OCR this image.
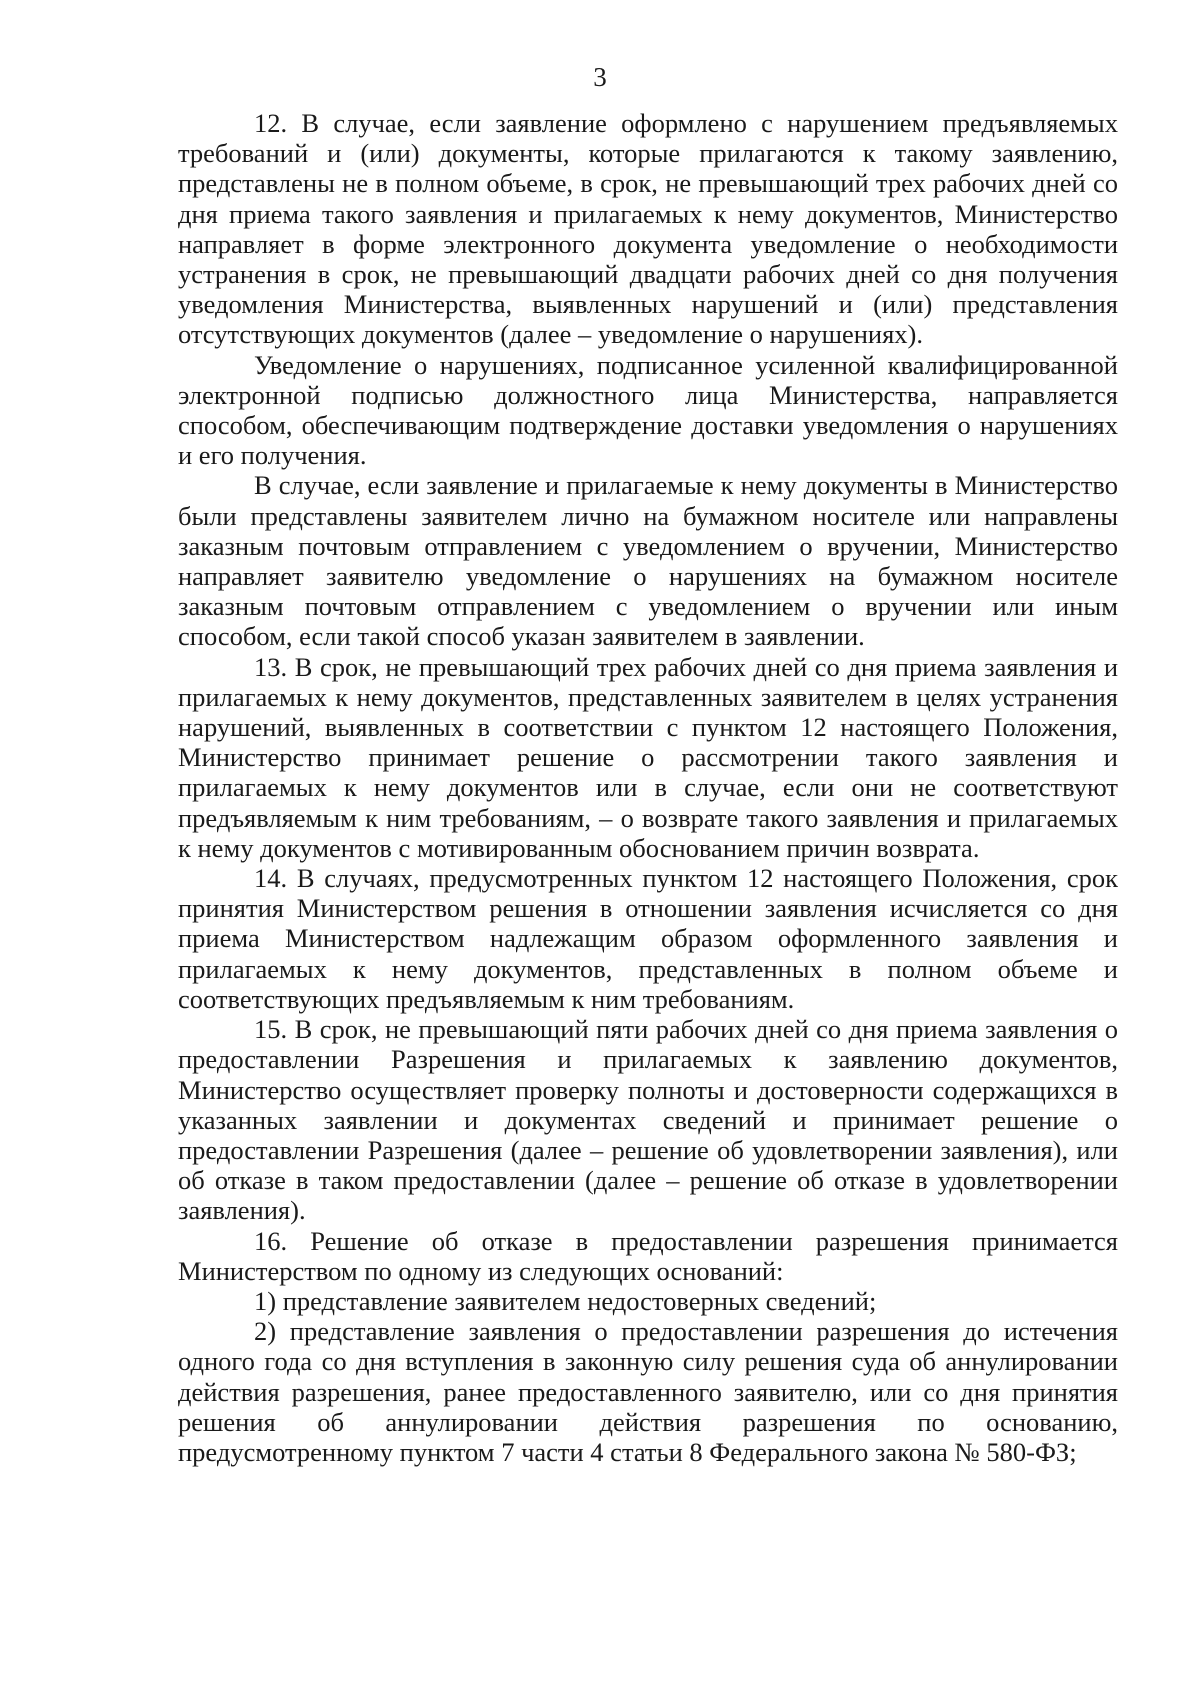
3

12. В случае, если заявление оформлено с нарушением предъявляемых требований и (или) документы, которые прилагаются к такому заявлению, представлены не в полном объеме, в срок, не превышающий трех рабочих дней со дня приема такого заявления и прилагаемых к нему документов, Министерство направляет в форме электронного документа уведомление о необходимости устранения в срок, не превышающий двадцати рабочих дней со дня получения уведомления Министерства, выявленных нарушений и (или) представления отсутствующих документов (далее – уведомление о нарушениях).

Уведомление о нарушениях, подписанное усиленной квалифицированной электронной подписью должностного лица Министерства, направляется способом, обеспечивающим подтверждение доставки уведомления о нарушениях и его получения.

В случае, если заявление и прилагаемые к нему документы в Министерство были представлены заявителем лично на бумажном носителе или направлены заказным почтовым отправлением с уведомлением о вручении, Министерство направляет заявителю уведомление о нарушениях на бумажном носителе заказным почтовым отправлением с уведомлением о вручении или иным способом, если такой способ указан заявителем в заявлении.

13. В срок, не превышающий трех рабочих дней со дня приема заявления и прилагаемых к нему документов, представленных заявителем в целях устранения нарушений, выявленных в соответствии с пунктом 12 настоящего Положения, Министерство принимает решение о рассмотрении такого заявления и прилагаемых к нему документов или в случае, если они не соответствуют предъявляемым к ним требованиям, – о возврате такого заявления и прилагаемых к нему документов с мотивированным обоснованием причин возврата.

14. В случаях, предусмотренных пунктом 12 настоящего Положения, срок принятия Министерством решения в отношении заявления исчисляется со дня приема Министерством надлежащим образом оформленного заявления и прилагаемых к нему документов, представленных в полном объеме и соответствующих предъявляемым к ним требованиям.

15. В срок, не превышающий пяти рабочих дней со дня приема заявления о предоставлении Разрешения и прилагаемых к заявлению документов, Министерство осуществляет проверку полноты и достоверности содержащихся в указанных заявлении и документах сведений и принимает решение о предоставлении Разрешения (далее – решение об удовлетворении заявления), или об отказе в таком предоставлении (далее – решение об отказе в удовлетворении заявления).

16. Решение об отказе в предоставлении разрешения принимается Министерством по одному из следующих оснований:

1) представление заявителем недостоверных сведений;

2) представление заявления о предоставлении разрешения до истечения одного года со дня вступления в законную силу решения суда об аннулировании действия разрешения, ранее предоставленного заявителю, или со дня принятия решения об аннулировании действия разрешения по основанию, предусмотренному пунктом 7 части 4 статьи 8 Федерального закона № 580-ФЗ;
